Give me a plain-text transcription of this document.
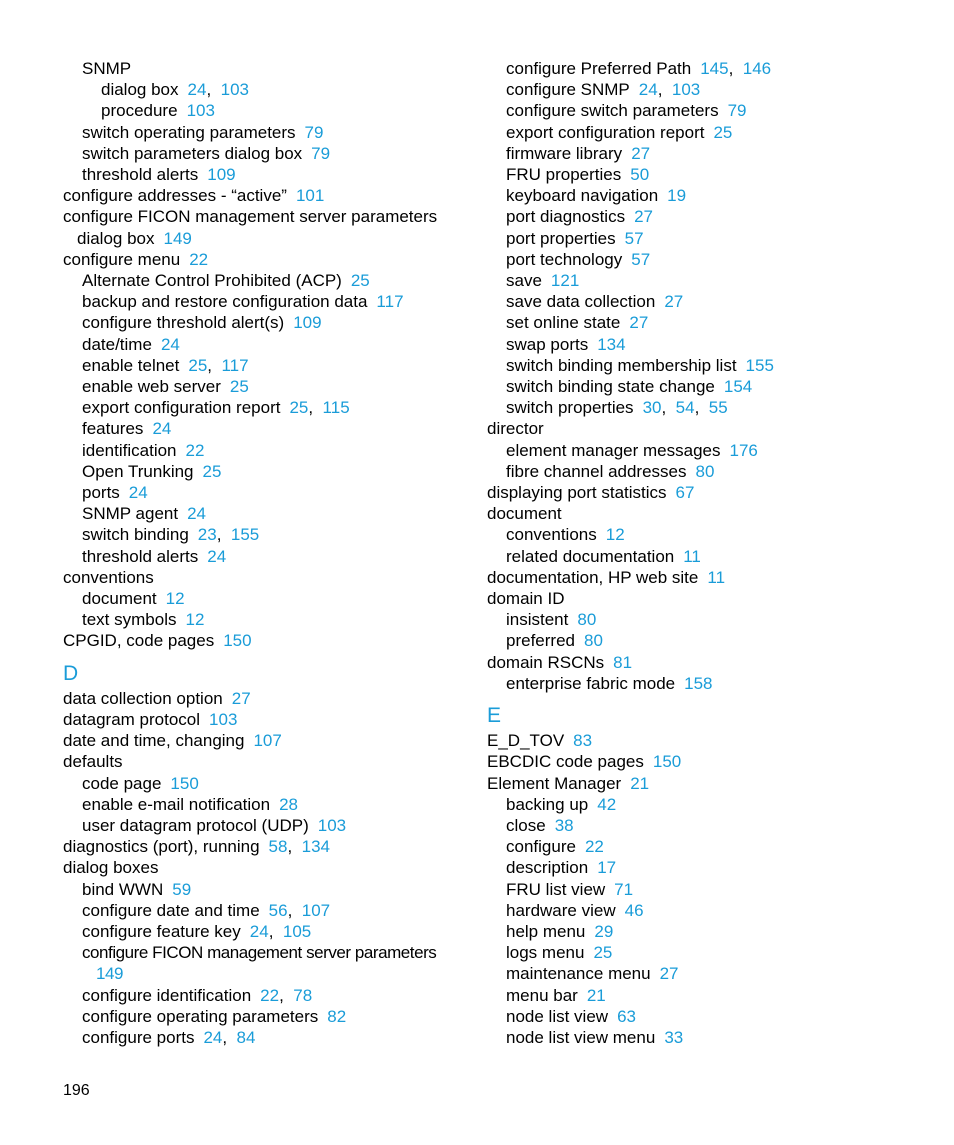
SNMP
dialog box 24,  103
procedure 103
switch operating parameters 79
switch parameters dialog box 79
threshold alerts 109
configure addresses - “active” 101
configure FICON management server parameters
dialog box 149
configure menu 22
Alternate Control Prohibited (ACP) 25
backup and restore configuration data 117
configure threshold alert(s) 109
date/time 24
enable telnet 25,  117
enable web server 25
export configuration report 25,  115
features 24
identification 22
Open Trunking 25
ports 24
SNMP agent 24
switch binding 23,  155
threshold alerts 24
conventions
document 12
text symbols 12
CPGID, code pages 150
D
data collection option 27
datagram protocol 103
date and time, changing 107
defaults
code page 150
enable e-mail notification 28
user datagram protocol (UDP) 103
diagnostics (port), running 58,  134
dialog boxes
bind WWN 59
configure date and time 56,  107
configure feature key 24,  105
configure FICON management server parameters
149
configure identification 22,  78
configure operating parameters 82
configure ports 24,  84
configure Preferred Path 145,  146
configure SNMP 24,  103
configure switch parameters 79
export configuration report 25
firmware library 27
FRU properties 50
keyboard navigation 19
port diagnostics 27
port properties 57
port technology 57
save 121
save data collection 27
set online state 27
swap ports 134
switch binding membership list 155
switch binding state change 154
switch properties 30,  54,  55
director
element manager messages 176
fibre channel addresses 80
displaying port statistics 67
document
conventions 12
related documentation 11
documentation, HP web site 11
domain ID
insistent 80
preferred 80
domain RSCNs 81
enterprise fabric mode 158
E
E_D_TOV 83
EBCDIC code pages 150
Element Manager 21
backing up 42
close 38
configure 22
description 17
FRU list view 71
hardware view 46
help menu 29
logs menu 25
maintenance menu 27
menu bar 21
node list view 63
node list view menu 33
196
